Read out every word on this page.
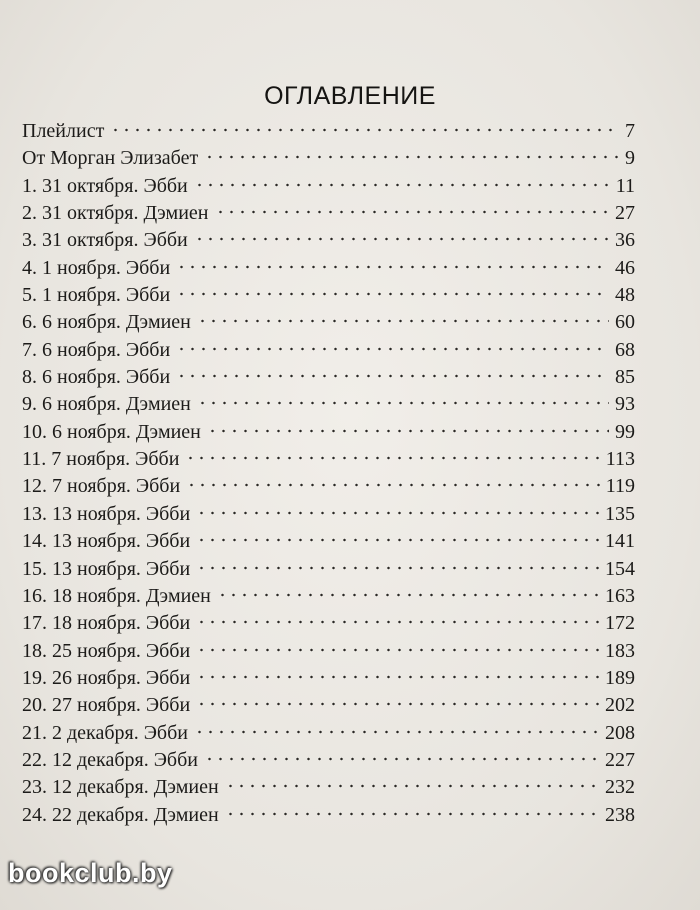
ОГЛАВЛЕНИЕ
Плейлист	7
От Морган Элизабет	9
1. 31 октября. Эбби	11
2. 31 октября. Дэмиен	27
3. 31 октября. Эбби	36
4. 1 ноября. Эбби	46
5. 1 ноября. Эбби	48
6. 6 ноября. Дэмиен	60
7. 6 ноября. Эбби	68
8. 6 ноября. Эбби	85
9. 6 ноября. Дэмиен	93
10. 6 ноября. Дэмиен	99
11. 7 ноября. Эбби	113
12. 7 ноября. Эбби	119
13. 13 ноября. Эбби	135
14. 13 ноября. Эбби	141
15. 13 ноября. Эбби	154
16. 18 ноября. Дэмиен	163
17. 18 ноября. Эбби	172
18. 25 ноября. Эбби	183
19. 26 ноября. Эбби	189
20. 27 ноября. Эбби	202
21. 2 декабря. Эбби	208
22. 12 декабря. Эбби	227
23. 12 декабря. Дэмиен	232
24. 22 декабря. Дэмиен	238
bookclub.by
